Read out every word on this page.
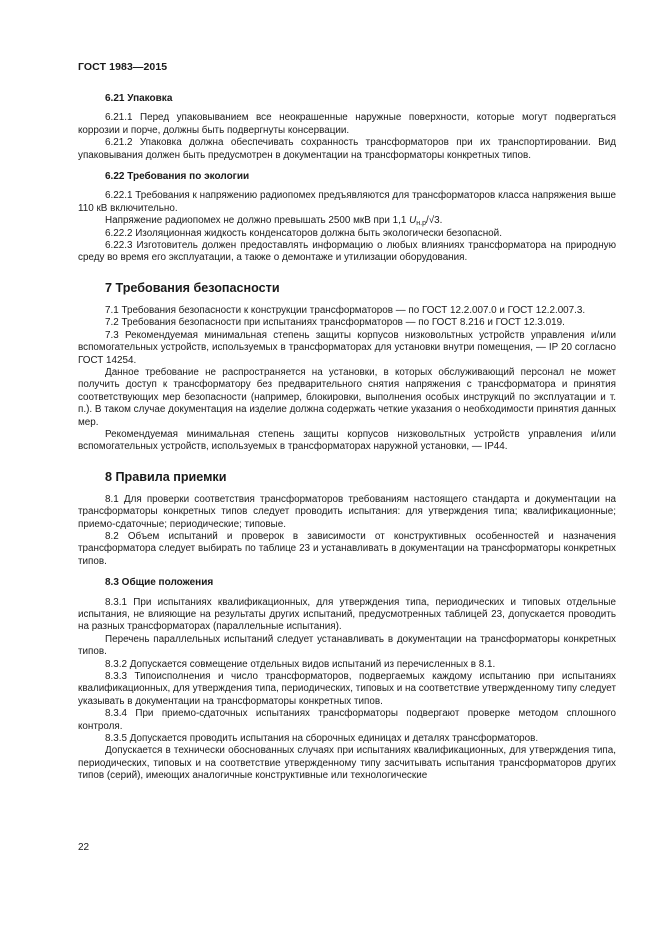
ГОСТ 1983—2015
6.21 Упаковка

6.21.1 Перед упаковыванием все неокрашенные наружные поверхности, которые могут подвергаться коррозии и порче, должны быть подвергнуты консервации.

6.21.2 Упаковка должна обеспечивать сохранность трансформаторов при их транспортировании. Вид упаковывания должен быть предусмотрен в документации на трансформаторы конкретных типов.

6.22 Требования по экологии

6.22.1 Требования к напряжению радиопомех предъявляются для трансформаторов класса напряжения выше 110 кВ включительно.

Напряжение радиопомех не должно превышать 2500 мкВ при 1,1 $U_{н.р}/√3$.

6.22.2 Изоляционная жидкость конденсаторов должна быть экологически безопасной.

6.22.3 Изготовитель должен предоставлять информацию о любых влияниях трансформатора на природную среду во время его эксплуатации, а также о демонтаже и утилизации оборудования.

7 Требования безопасности

7.1 Требования безопасности к конструкции трансформаторов — по ГОСТ 12.2.007.0 и ГОСТ 12.2.007.3.

7.2 Требования безопасности при испытаниях трансформаторов — по ГОСТ 8.216 и ГОСТ 12.3.019.

7.3 Рекомендуемая минимальная степень защиты корпусов низковольтных устройств управления и/или вспомогательных устройств, используемых в трансформаторах для установки внутри помещения, — IP 20 согласно ГОСТ 14254.

Данное требование не распространяется на установки, в которых обслуживающий персонал не может получить доступ к трансформатору без предварительного снятия напряжения с трансформатора и принятия соответствующих мер безопасности (например, блокировки, выполнения особых инструкций по эксплуатации и т. п.). В таком случае документация на изделие должна содержать четкие указания о необходимости принятия данных мер.

Рекомендуемая минимальная степень защиты корпусов низковольтных устройств управления и/или вспомогательных устройств, используемых в трансформаторах наружной установки, — IP44.

8 Правила приемки

8.1 Для проверки соответствия трансформаторов требованиям настоящего стандарта и документации на трансформаторы конкретных типов следует проводить испытания: для утверждения типа; квалификационные; приемо-сдаточные; периодические; типовые.

8.2 Объем испытаний и проверок в зависимости от конструктивных особенностей и назначения трансформатора следует выбирать по таблице 23 и устанавливать в документации на трансформаторы конкретных типов.

8.3 Общие положения

8.3.1 При испытаниях квалификационных, для утверждения типа, периодических и типовых отдельные испытания, не влияющие на результаты других испытаний, предусмотренных таблицей 23, допускается проводить на разных трансформаторах (параллельные испытания).

Перечень параллельных испытаний следует устанавливать в документации на трансформаторы конкретных типов.

8.3.2 Допускается совмещение отдельных видов испытаний из перечисленных в 8.1.

8.3.3 Типоисполнения и число трансформаторов, подвергаемых каждому испытанию при испытаниях квалификационных, для утверждения типа, периодических, типовых и на соответствие утвержденному типу следует указывать в документации на трансформаторы конкретных типов.

8.3.4 При приемо-сдаточных испытаниях трансформаторы подвергают проверке методом сплошного контроля.

8.3.5 Допускается проводить испытания на сборочных единицах и деталях трансформаторов.

Допускается в технически обоснованных случаях при испытаниях квалификационных, для утверждения типа, периодических, типовых и на соответствие утвержденному типу засчитывать испытания трансформаторов других типов (серий), имеющих аналогичные конструктивные или технологические

22
